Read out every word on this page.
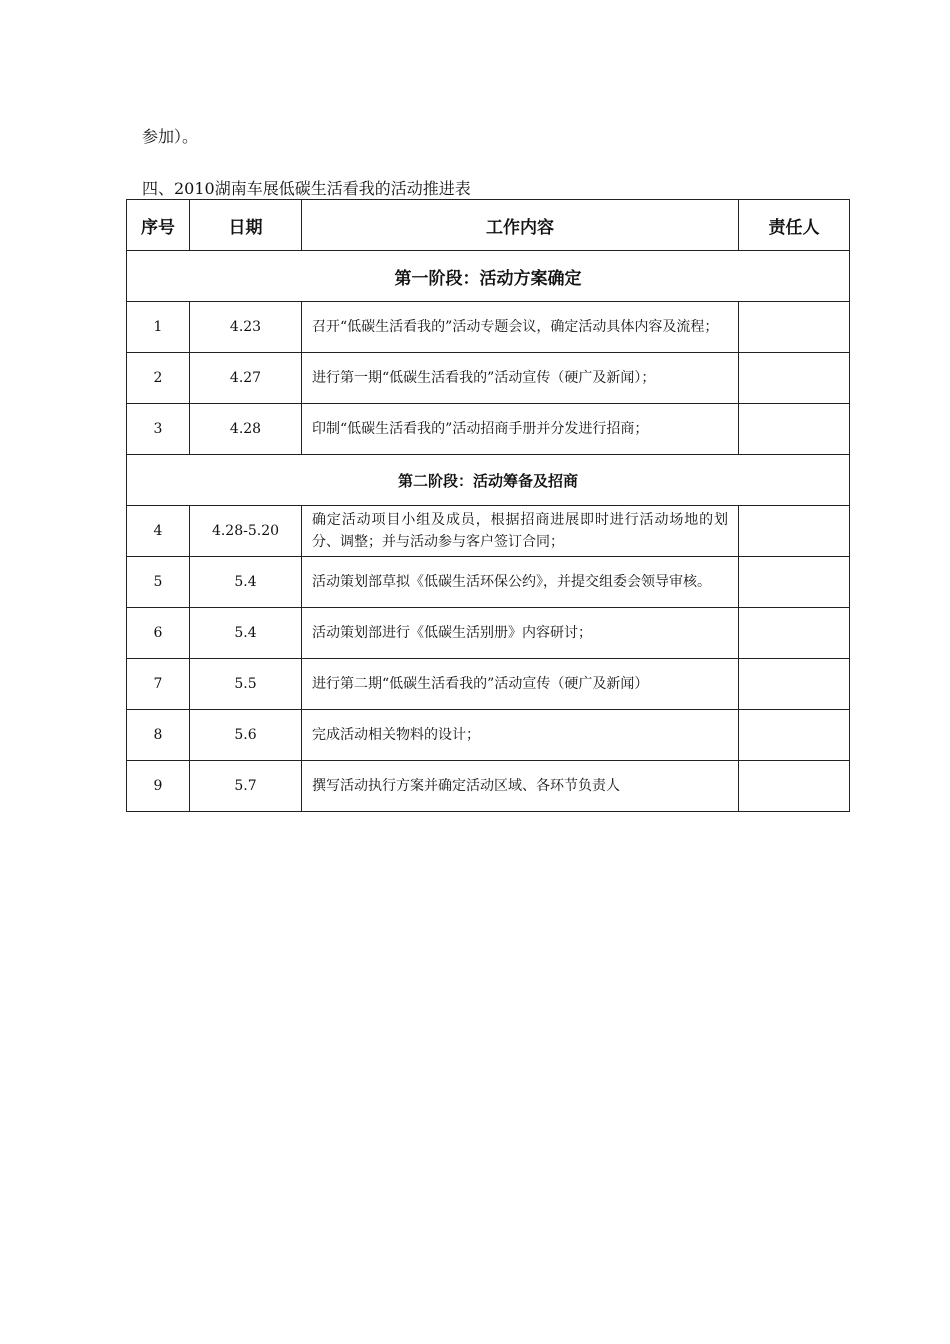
参加）。
四、2010湖南车展低碳生活看我的活动推进表
序号	日期	工作内容	责任人
第一阶段：活动方案确定			
1	4.23	召开“低碳生活看我的”活动专题会议，确定活动具体内容及流程；	
2	4.27	进行第一期“低碳生活看我的”活动宣传（硬广及新闻）；	
3	4.28	印制“低碳生活看我的”活动招商手册并分发进行招商；	
第二阶段：活动筹备及招商			
4	4.28-5.20	确定活动项目小组及成员，根据招商进展即时进行活动场地的划分、调整；并与活动参与客户签订合同；	
5	5.4	活动策划部草拟《低碳生活环保公约》，并提交组委会领导审核。	
6	5.4	活动策划部进行《低碳生活别册》内容研讨；	
7	5.5	进行第二期“低碳生活看我的”活动宣传（硬广及新闻）	
8	5.6	完成活动相关物料的设计；	
9	5.7	撰写活动执行方案并确定活动区域、各环节负责人	
